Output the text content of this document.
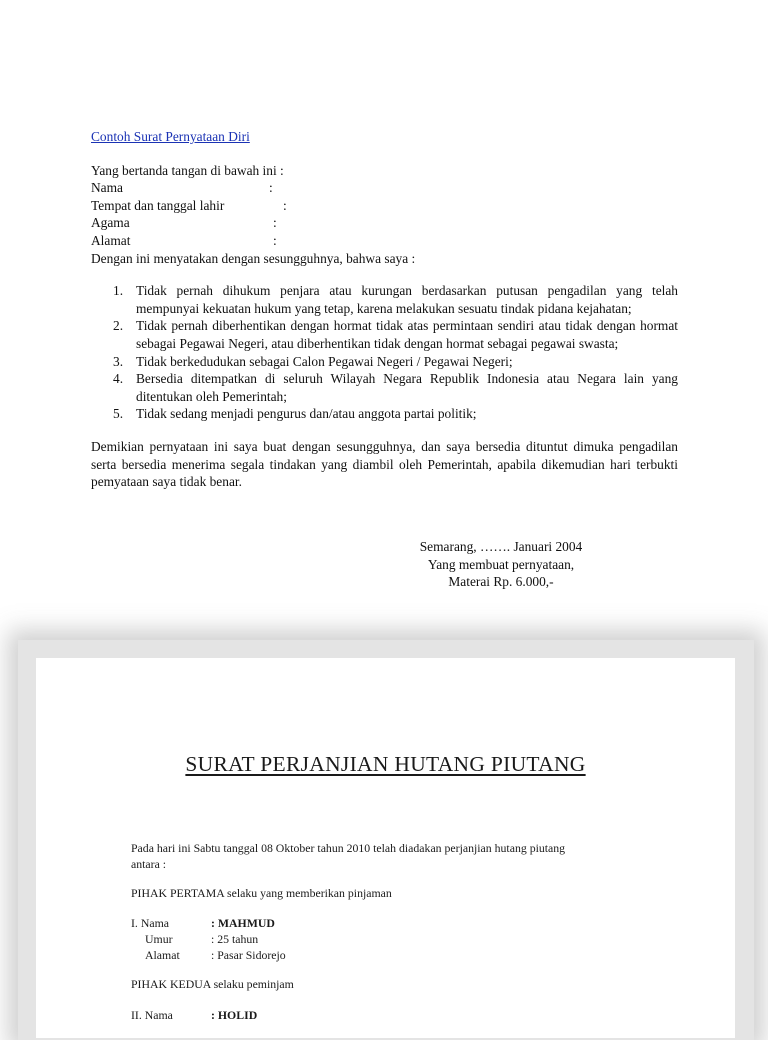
Contoh Surat Pernyataan Diri
Yang bertanda tangan di bawah ini :
Nama	:
Tempat dan tanggal lahir	:
Agama	:
Alamat	:
Dengan ini menyatakan dengan sesungguhnya, bahwa saya :
1. Tidak pernah dihukum penjara atau kurungan berdasarkan putusan pengadilan yang telah mempunyai kekuatan hukum yang tetap, karena melakukan sesuatu tindak pidana kejahatan;
2. Tidak pernah diberhentikan dengan hormat tidak atas permintaan sendiri atau tidak dengan hormat sebagai Pegawai Negeri, atau diberhentikan tidak dengan hormat sebagai pegawai swasta;
3. Tidak berkedudukan sebagai Calon Pegawai Negeri / Pegawai Negeri;
4. Bersedia ditempatkan di seluruh Wilayah Negara Republik Indonesia atau Negara lain yang ditentukan oleh Pemerintah;
5. Tidak sedang menjadi pengurus dan/atau anggota partai politik;
Demikian pernyataan ini saya buat dengan sesungguhnya, dan saya bersedia dituntut dimuka pengadilan serta bersedia menerima segala tindakan yang diambil oleh Pemerintah, apabila dikemudian hari terbukti pemyataan saya tidak benar.
Semarang, ……. Januari 2004
Yang membuat pernyataan,
Materai Rp. 6.000,-
SURAT PERJANJIAN HUTANG PIUTANG
Pada hari ini Sabtu tanggal 08 Oktober tahun 2010 telah diadakan perjanjian hutang piutang
antara :
PIHAK PERTAMA selaku yang memberikan pinjaman
I. Nama	: MAHMUD
Umur	: 25 tahun
Alamat	: Pasar Sidorejo
PIHAK KEDUA selaku peminjam
II. Nama	: HOLID
